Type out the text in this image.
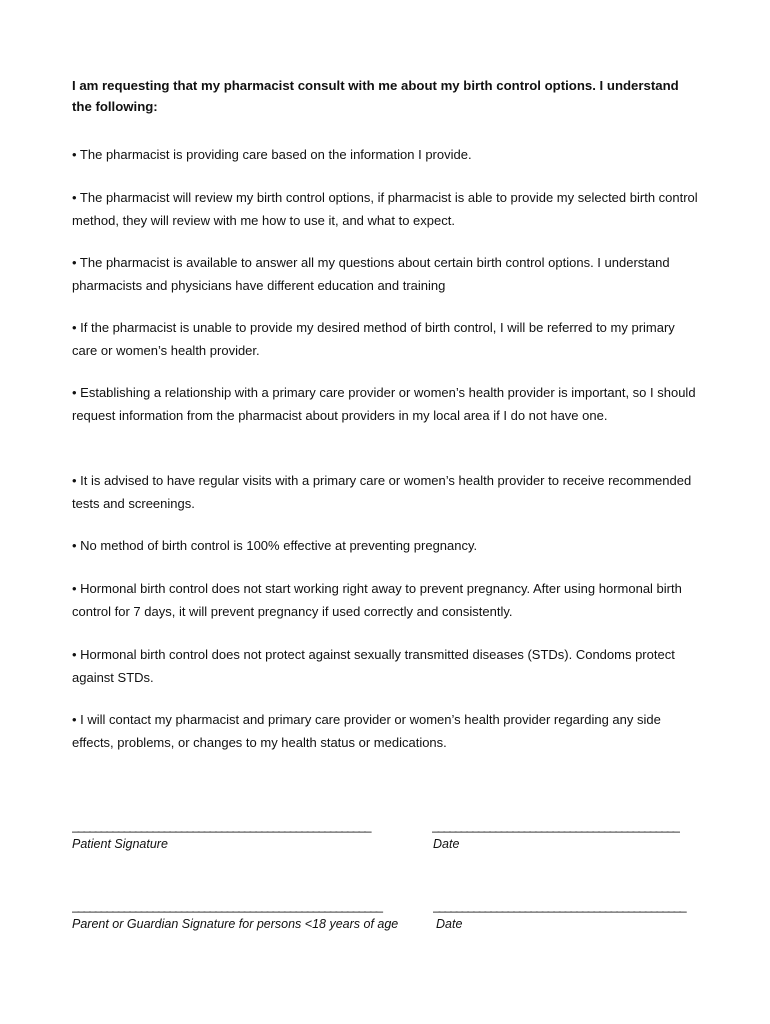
I am requesting that my pharmacist consult with me about my birth control options. I understand the following:
• The pharmacist is providing care based on the information I provide.
• The pharmacist will review my birth control options, if pharmacist is able to provide my selected birth control method, they will review with me how to use it, and what to expect.
• The pharmacist is available to answer all my questions about certain birth control options. I understand pharmacists and physicians have different education and training
• If the pharmacist is unable to provide my desired method of birth control, I will be referred to my primary care or women’s health provider.
• Establishing a relationship with a primary care provider or women’s health provider is important, so I should request information from the pharmacist about providers in my local area if I do not have one.
• It is advised to have regular visits with a primary care or women’s health provider to receive recommended tests and screenings.
• No method of birth control is 100% effective at preventing pregnancy.
• Hormonal birth control does not start working right away to prevent pregnancy. After using hormonal birth control for 7 days, it will prevent pregnancy if used correctly and consistently.
• Hormonal birth control does not protect against sexually transmitted diseases (STDs). Condoms protect against STDs.
• I will contact my pharmacist and primary care provider or women’s health provider regarding any side effects, problems, or changes to my health status or medications.
____________________________________________________
Patient Signature
___________________________________________
Date
______________________________________________________
Parent or Guardian Signature for persons <18 years of age
____________________________________________
Date
